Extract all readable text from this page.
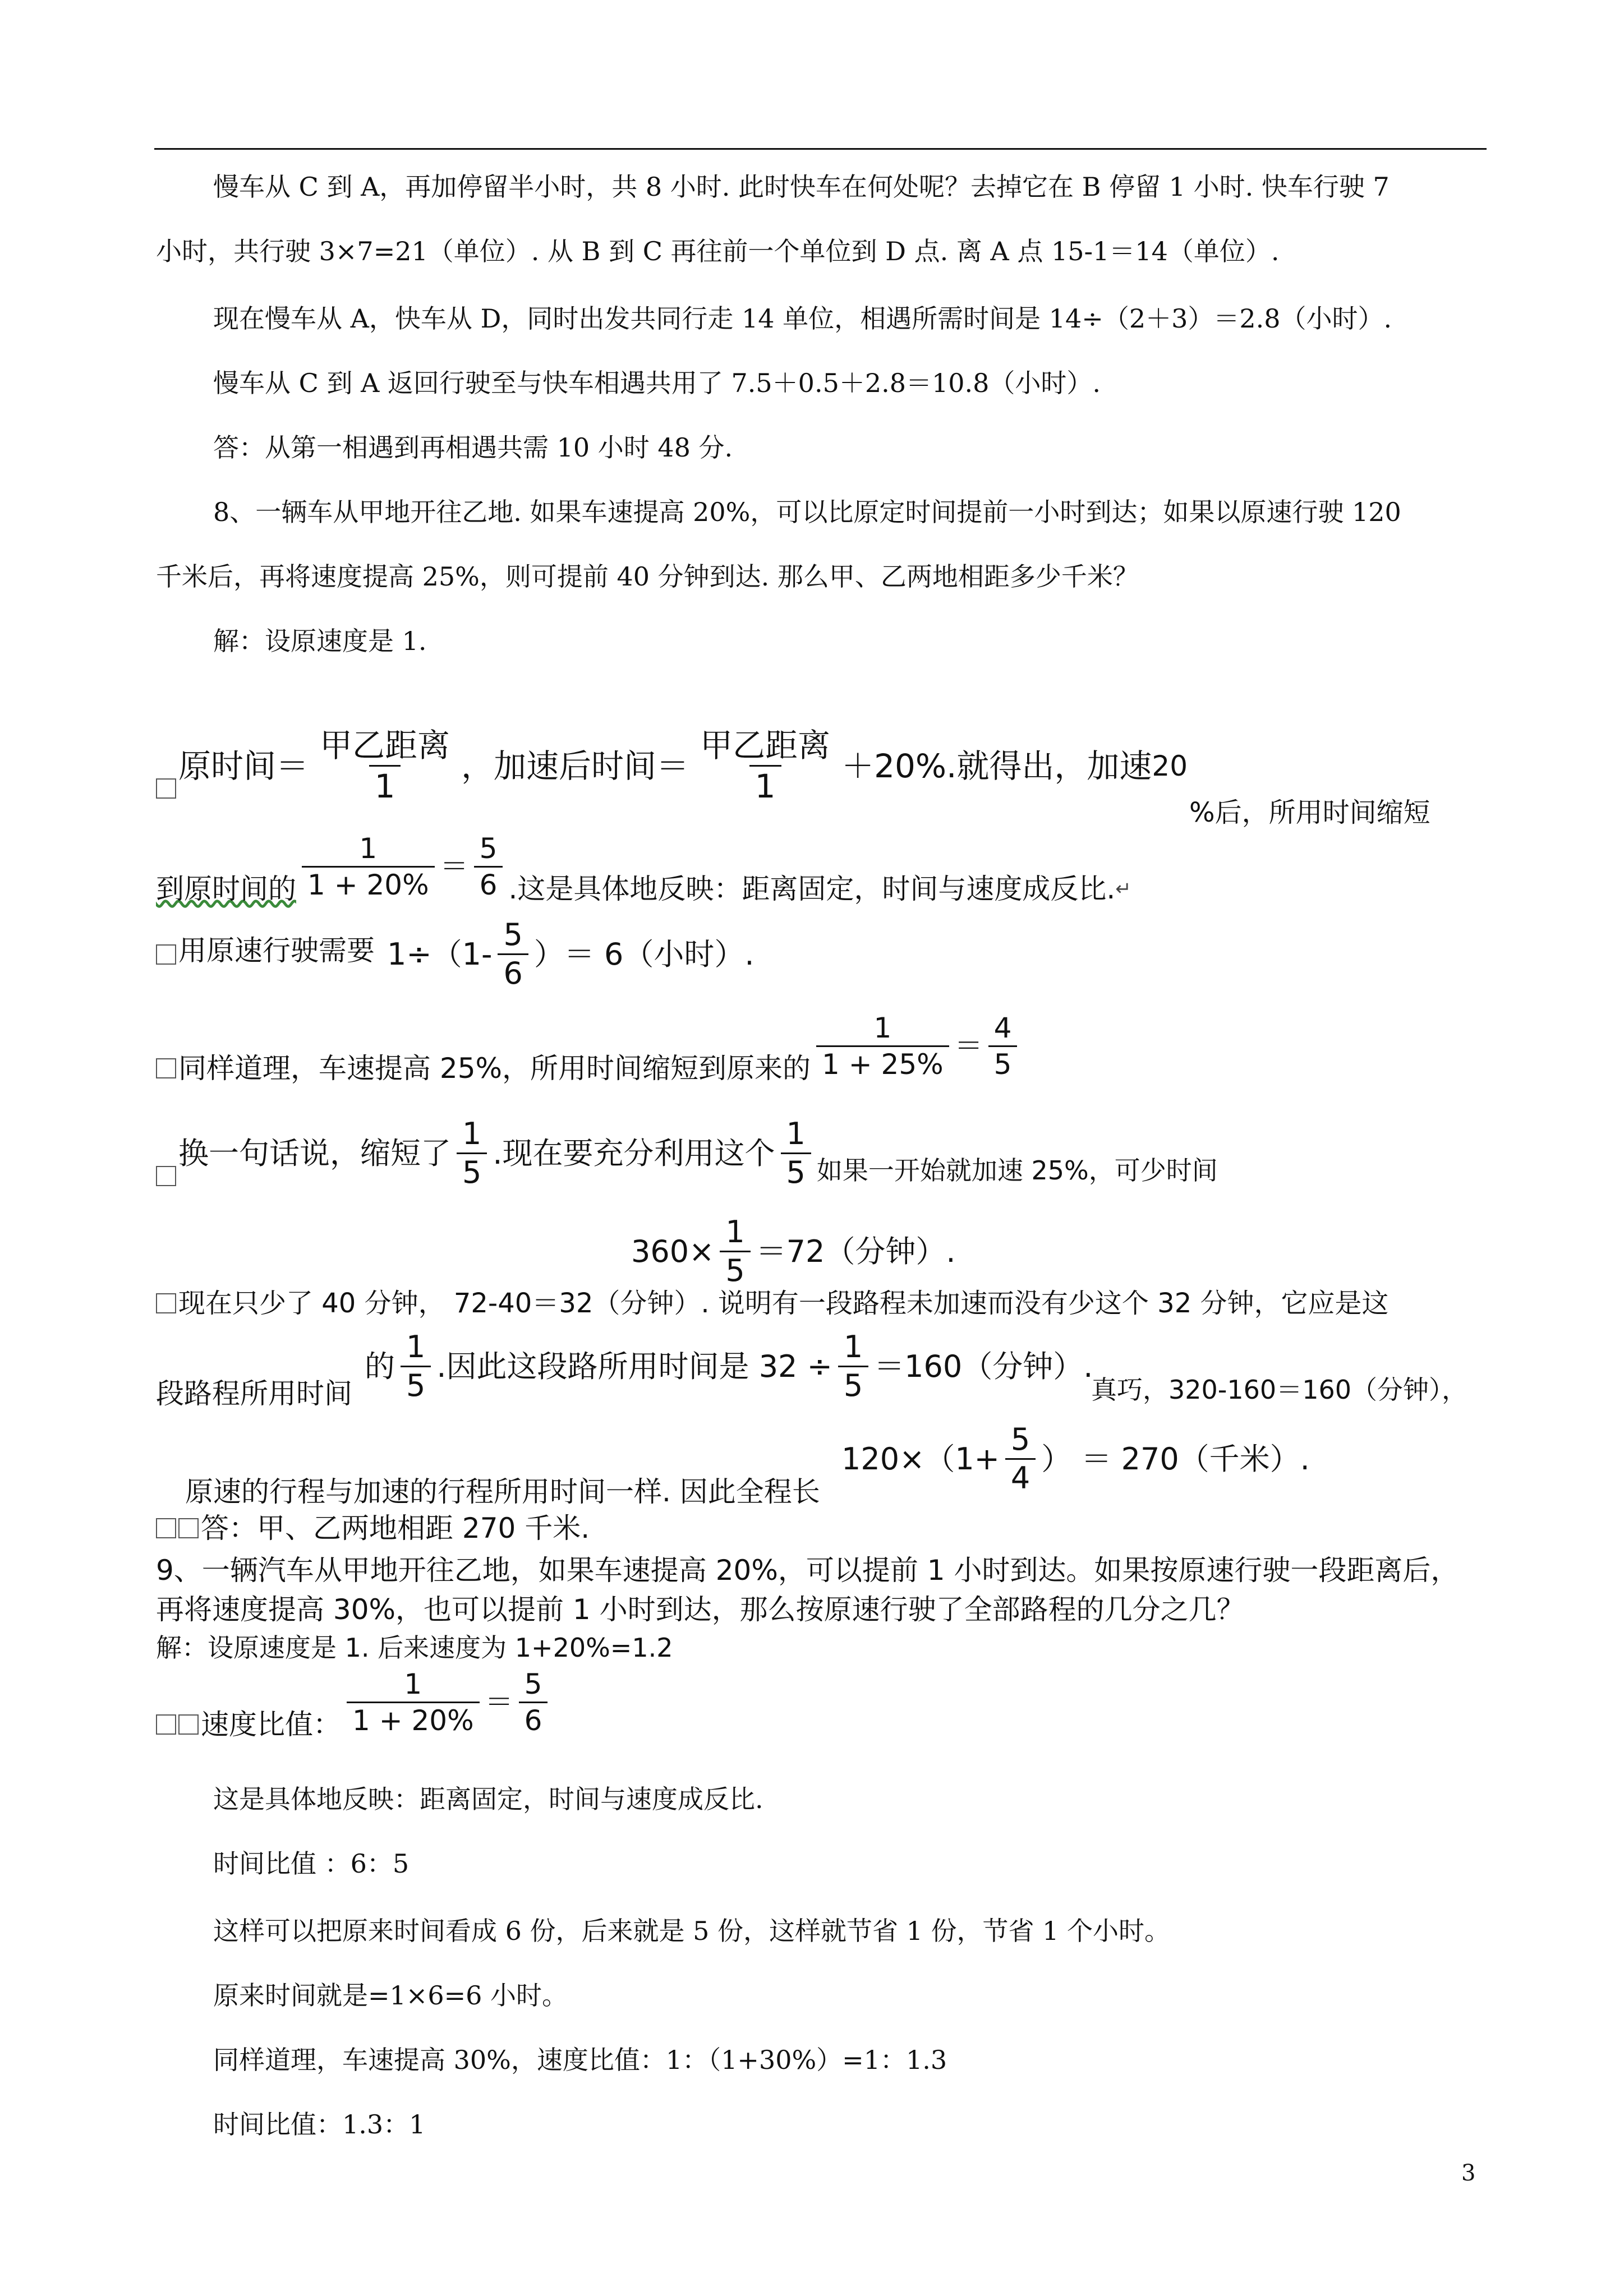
慢车从 C 到 A，再加停留半小时，共 8 小时. 此时快车在何处呢？去掉它在 B 停留 1 小时. 快车行驶 7
小时，共行驶 3×7=21（单位）. 从 B 到 C 再往前一个单位到 D 点. 离 A 点 15-1＝14（单位）.
现在慢车从 A，快车从 D，同时出发共同行走 14 单位，相遇所需时间是 14÷（2＋3）＝2.8（小时）.
慢车从 C 到 A 返回行驶至与快车相遇共用了 7.5＋0.5＋2.8＝10.8（小时）.
答：从第一相遇到再相遇共需 10 小时 48 分.
8、一辆车从甲地开往乙地. 如果车速提高 20%，可以比原定时间提前一小时到达；如果以原速行驶 120
千米后，再将速度提高 25%，则可提前 40 分钟到达. 那么甲、乙两地相距多少千米？
解：设原速度是 1.
原时间＝ $\frac{\text{甲乙距离}}{1}$ ，加速后时间＝ $\frac{\text{甲乙距离}}{1} +20\%$.就得出，加速 20
%后，所用时间缩短
到原时间的 $\frac{1}{1 + 20\%} = \frac{5}{6}$ .这是具体地反映：距离固定，时间与速度成反比. ↵
用原速行驶需要 $1\div(1- \frac{5}{6}$ ）＝ 6（小时）.
同样道理，车速提高 25%，所用时间缩短到原来的 $\frac{1}{1 + 25\%} = \frac{4}{5}$
换一句话说，缩短了 $\frac{1}{5}$ .现在要充分利用这个 $\frac{1}{5}$ 如果一开始就加速 25%，可少时间
$360\times \frac{1}{5} =72$（分钟）.
现在只少了 40 分钟， 72-40＝32（分钟）. 说明有一段路程未加速而没有少这个 32 分钟，它应是这
的 $\frac{1}{5}$ .因此这段路所用时间是 $32 \div \frac{1}{5} =160$（分钟）.
段路程所用时间	真巧，320-160＝160（分钟），
$120\times(1+ \frac{5}{4}$ ） ＝ 270（千米）.
原速的行程与加速的行程所用时间一样. 因此全程长
答：甲、乙两地相距 270 千米.
9、一辆汽车从甲地开往乙地，如果车速提高 20%，可以提前 1 小时到达。如果按原速行驶一段距离后，
再将速度提高 30%，也可以提前 1 小时到达，那么按原速行驶了全部路程的几分之几？
解：设原速度是 1. 后来速度为 1+20%=1.2
速度比值： $\frac{1}{1 + 20\%} = \frac{5}{6}$
这是具体地反映：距离固定，时间与速度成反比.
时间比值 ：6：5
这样可以把原来时间看成 6 份，后来就是 5 份，这样就节省 1 份，节省 1 个小时。
原来时间就是=1×6=6 小时。
同样道理，车速提高 30%，速度比值：1：（1+30%）=1：1.3
时间比值：1.3：1
3
